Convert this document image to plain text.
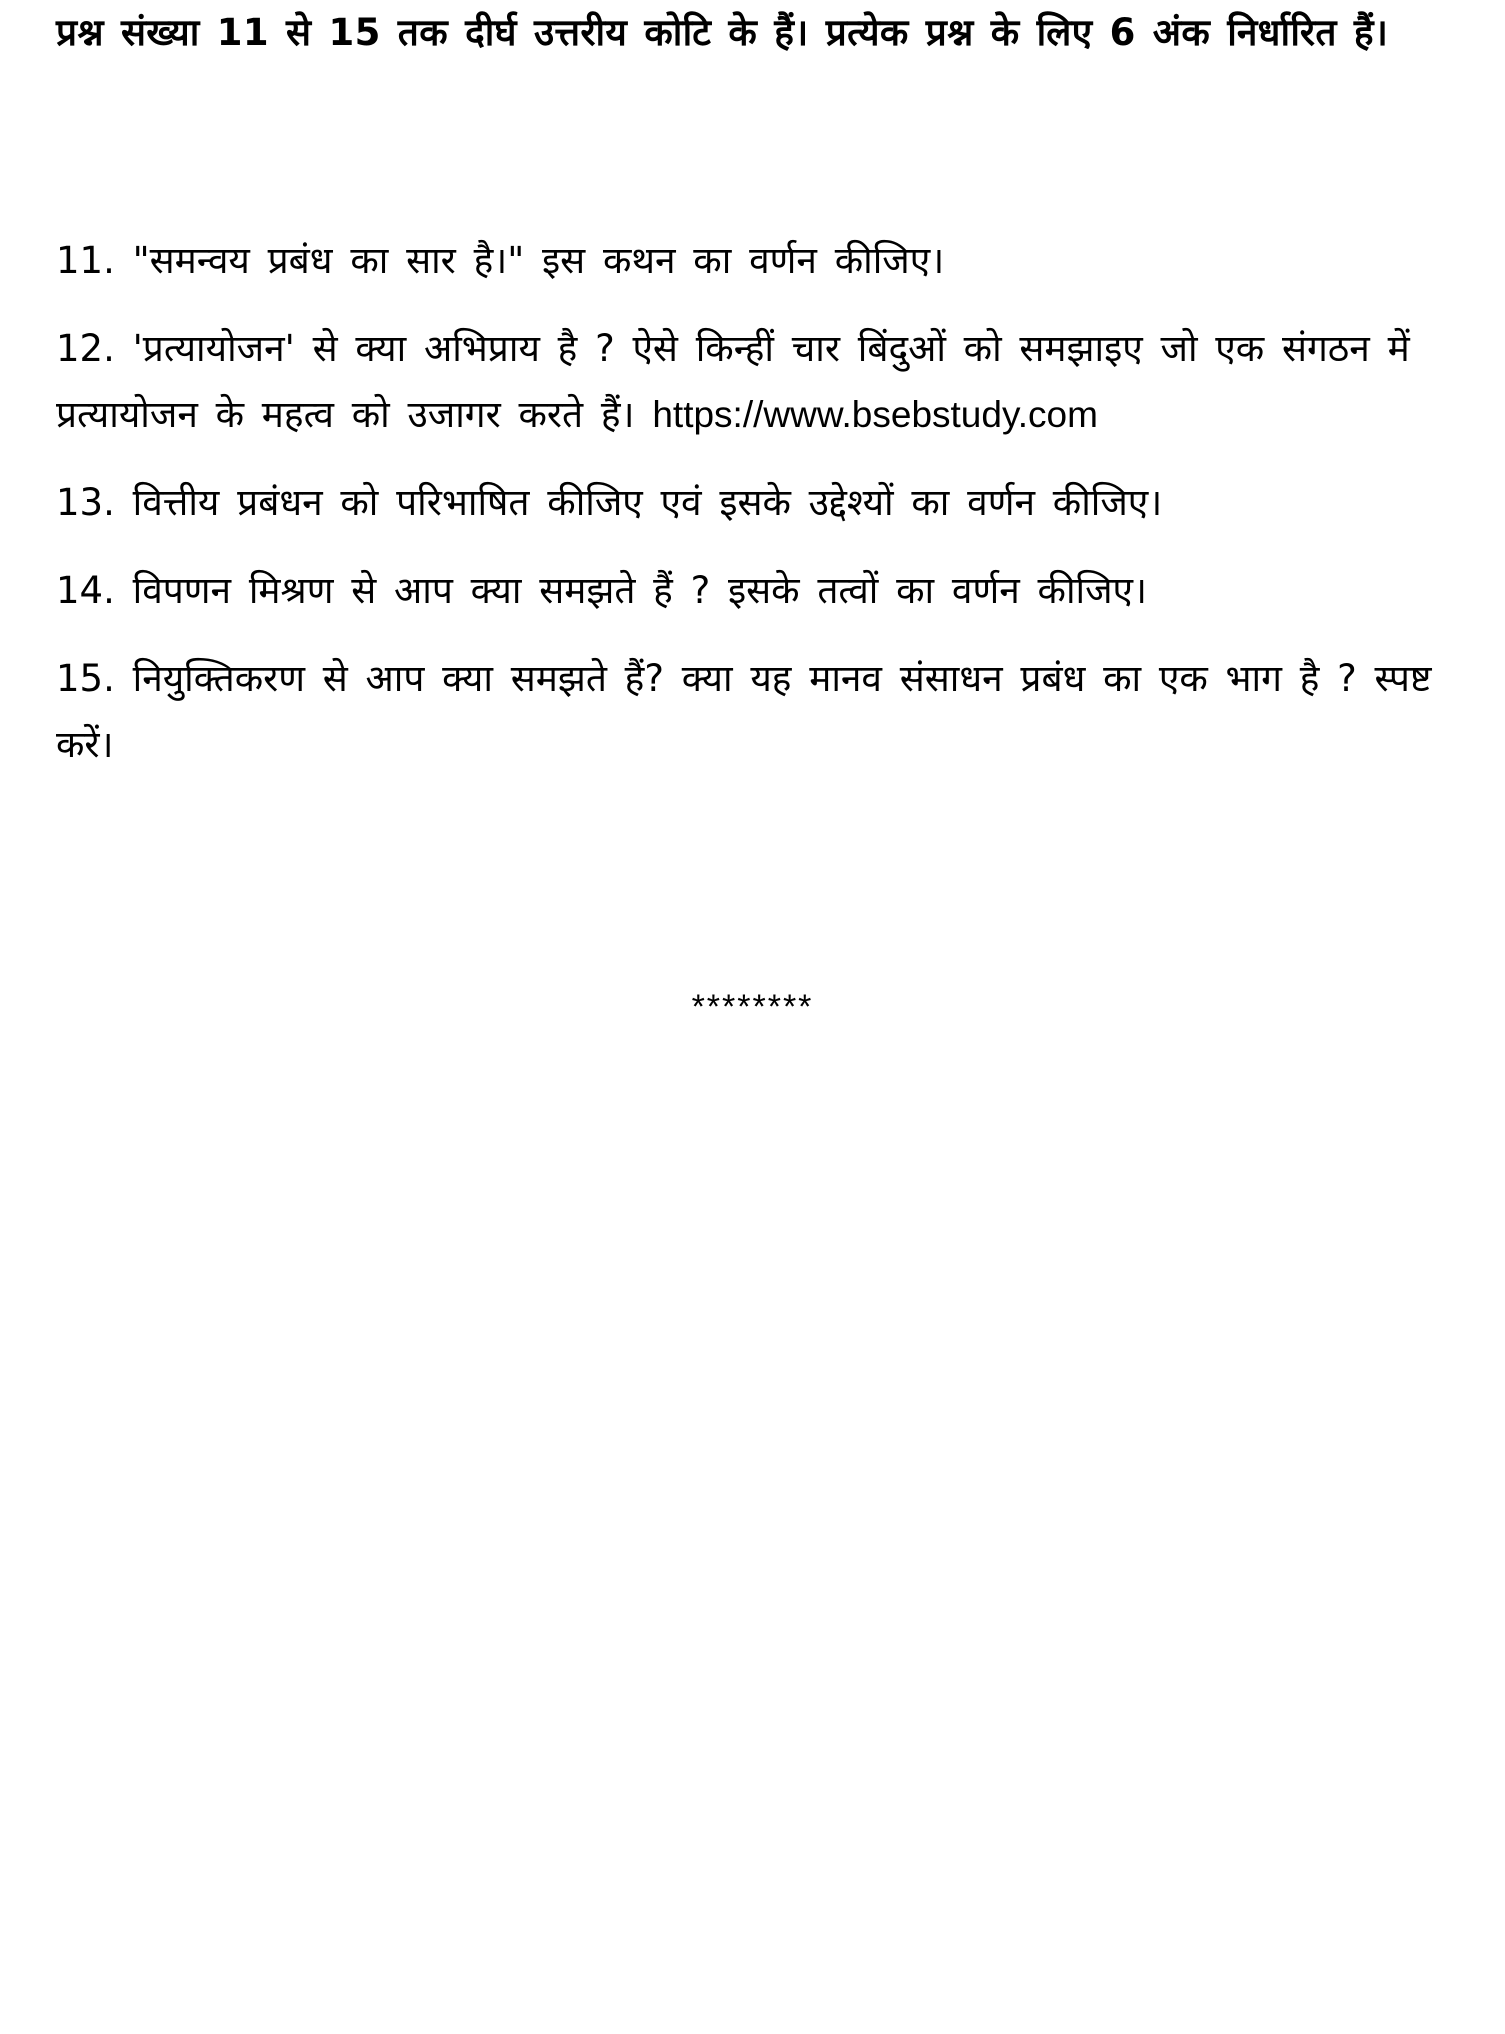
प्रश्न संख्या 11 से 15 तक दीर्घ उत्तरीय कोटि के हैं। प्रत्येक प्रश्न के लिए 6 अंक निर्धारित हैं।
11. "समन्वय प्रबंध का सार है।" इस कथन का वर्णन कीजिए।
12. 'प्रत्यायोजन' से क्या अभिप्राय है ? ऐसे किन्हीं चार बिंदुओं को समझाइए जो एक संगठन में प्रत्यायोजन के महत्व को उजागर करते हैं। https://www.bsebstudy.com
13. वित्तीय प्रबंधन को परिभाषित कीजिए एवं इसके उद्देश्यों का वर्णन कीजिए।
14. विपणन मिश्रण से आप क्या समझते हैं ? इसके तत्वों का वर्णन कीजिए।
15. नियुक्तिकरण से आप क्या समझते हैं? क्या यह मानव संसाधन प्रबंध का एक भाग है ? स्पष्ट करें।
********
